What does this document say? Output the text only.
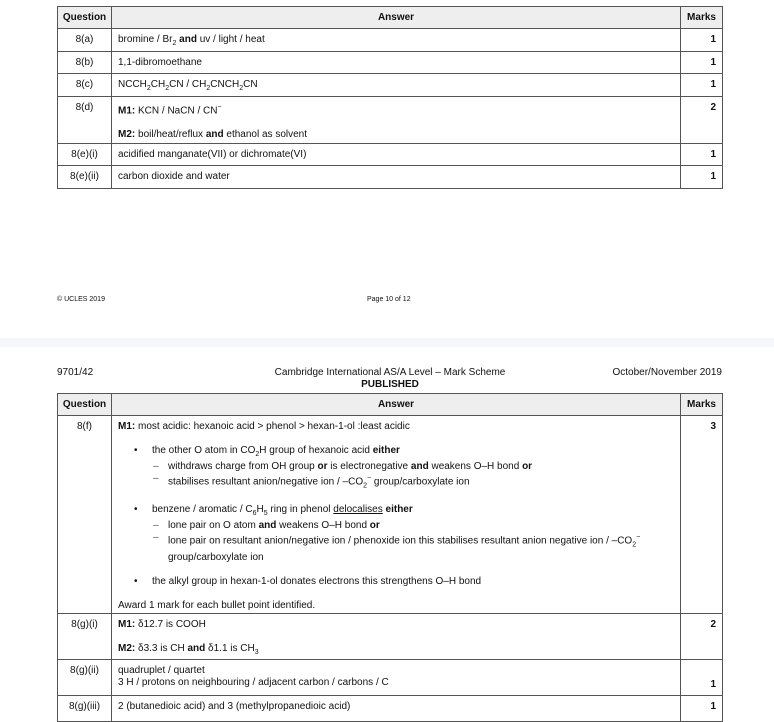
Question	Answer	Marks
8(a)	bromine / $Br_2$ and uv / light / heat	1
8(b)	1,1-dibromoethane	1
8(c)	$NCCH_2CH_2CN$ / $CH_2CNCH_2CN$	1
8(d)	M1: KCN / NaCN / CN−
M2: boil/heat/reflux and ethanol as solvent	2
8(e)(i)	acidified manganate(VII) or dichromate(VI)	1
8(e)(ii)	carbon dioxide and water	1
© UCLES 2019	Page 10 of 12
9701/42	Cambridge International AS/A Level – Mark Scheme
PUBLISHED
October/November 2019
Question	Answer	Marks
8(f)	M1: most acidic: hexanoic acid > phenol > hexan-1-ol :least acidic
• the other O atom in $CO_2H$ group of hexanoic acid either
– withdraws charge from OH group or is electronegative and weakens O–H bond or
– stabilises resultant anion/negative ion / $-CO_2^-$ group/carboxylate ion
• benzene / aromatic / $C_6H_5$ ring in phenol delocalises either
– lone pair on O atom and weakens O–H bond or
– lone pair on resultant anion/negative ion / phenoxide ion this stabilises resultant anion negative ion / $-CO_2^-$ group/carboxylate ion
• the alkyl group in hexan-1-ol donates electrons this strengthens O–H bond
Award 1 mark for each bullet point identified.
	3
8(g)(i)	M1: δ12.7 is COOH
M2: δ3.3 is CH and δ1.1 is $CH_3$	2
8(g)(ii)	quadruplet / quartet
3 H / protons on neighbouring / adjacent carbon / carbons / C	1
8(g)(iii)	2 (butanedioic acid) and 3 (methylpropanedioic acid)	1
